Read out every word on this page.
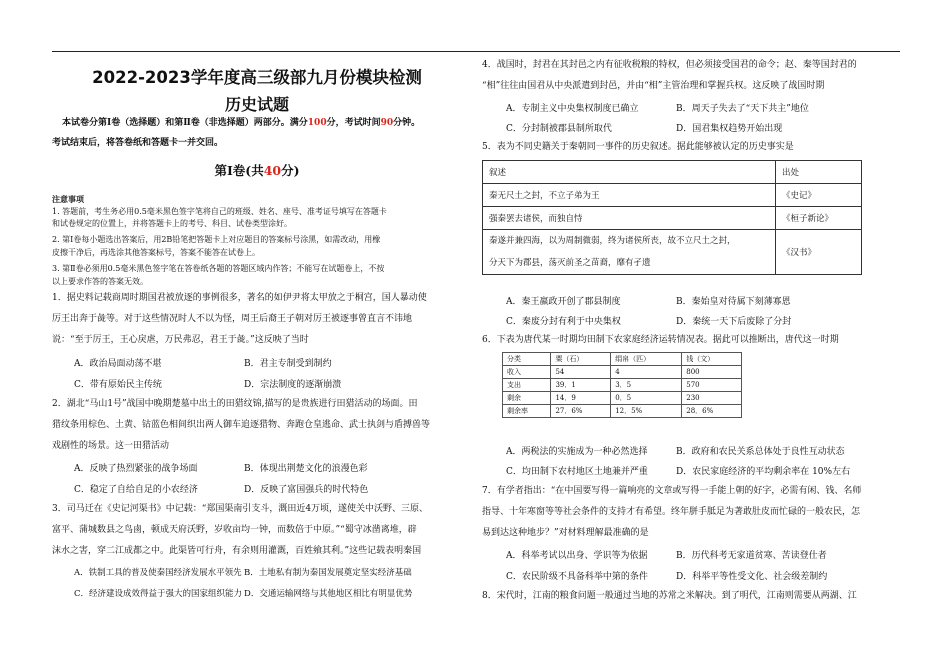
2022-2023学年度高三级部九月份模块检测
历史试题
本试卷分第Ⅰ卷（选择题）和第Ⅱ卷（非选择题）两部分。满分100分，考试时间90分钟。
考试结束后，将答卷纸和答题卡一并交回。
第Ⅰ卷(共40分)
注意事项
1. 答题前，考生务必用0.5毫米黑色签字笔将自己的班级、姓名、座号、准考证号填写在答题卡
和试卷规定的位置上，并将答题卡上的考号、科目、试卷类型涂好。
2. 第Ⅰ卷每小题选出答案后，用2B铅笔把答题卡上对应题目的答案标号涂黑，如需改动，用橡
皮擦干净后，再选涂其他答案标号，答案不能答在试卷上。
3. 第Ⅱ卷必须用0.5毫米黑色签字笔在答卷纸各题的答题区域内作答；不能写在试题卷上，不按
以上要求作答的答案无效。
1．据史料记载商周时期国君被放逐的事例很多，著名的如伊尹将太甲放之于桐宫，国人暴动使
厉王出奔于彘等。对于这些情况时人不以为怪，周王后裔王子朝对厉王被逐事曾直言不讳地
说：“至于厉王，王心戾虐，万民弗忍，君王于彘。”这反映了当时
A．政治局面动荡不堪	B．君主专制受到制约
C．带有原始民主传统	D．宗法制度的逐渐崩溃
2．湖北“马山1号”战国中晚期楚墓中出土的田猎纹锦,描写的是贵族进行田猎活动的场面。田
猎纹条用棕色、土黄、钴蓝色相间织出两人御车追逐猎物、奔跑仓皇逃命、武士执剑与盾搏兽等
戏剧性的场景。这一田猎活动
A．反映了热烈紧张的战争场面	B．体现出荆楚文化的浪漫色彩
C．稳定了自给自足的小农经济	D．反映了富国强兵的时代特色
3．司马迁在《史记河渠书》中记载：“郑国渠南引支斗，溉田近4万顷，遂使关中沃野、三原、
富平、蒲城数县之鸟鹵，顿成天府沃野，岁收亩均一钟，而数倍于中原。”“蜀守冰凿离堆，辟
沫水之害，穿二江成都之中。此渠皆可行舟，有余则用灌溉，百姓飨其利。”这些记载表明秦国
A．铁制工具的普及使秦国经济发展水平领先 B．土地私有制为秦国发展奠定坚实经济基础
C．经济建设成效得益于强大的国家组织能力 D．交通运输网络与其他地区相比有明显优势
4．战国时，封君在其封邑之内有征收税粮的特权，但必须接受国君的命令；赵、秦等国封君的
“相”往往由国君从中央派遣到封邑，并由“相”主管治理和掌握兵权。这反映了战国时期
A．专制主义中央集权制度已确立	B．周天子失去了“天下共主”地位
C．分封制被郡县制所取代	D．国君集权趋势开始出现
5．表为不同史籍关于秦朝同一事件的历史叙述。据此能够被认定的历史事实是
叙述	出处
秦无尺土之封，不立子弟为王	《史记》
强秦罢去诸侯，而独自恃	《桓子新论》
秦遂并兼四海，以为周制微弱，终为诸侯所丧，故不立尺土之封，
分天下为郡县，荡灭前圣之苗裔，靡有孑遗	《汉书》
A．秦王嬴政开创了郡县制度	B．秦始皇对待属下刻薄寡恩
C．秦废分封有利于中央集权	D．秦统一天下后废除了分封
6．下表为唐代某一时期均田制下农家庭经济运转情况表。据此可以推断出，唐代这一时期
分类	粟（石）	绢帛（匹）	钱（文）
收入	54	4	800
支出	39．1	3．5	570
剩余	14．9	0．5	230
剩余率	27．6%	12．5%	28．6%
A．两税法的实施成为一种必然选择	B．政府和农民关系总体处于良性互动状态
C．均田制下农村地区土地兼并严重	D．农民家庭经济的平均剩余率在 10%左右
7．有学者指出：“在中国要写得一篇响亮的文章或写得一手能上朝的好字，必需有闲、钱、名师
指导、十年寒窗等等社会条件的支持才有希望。终年胼手胝足为著敢肚皮而忙碌的一般农民，怎
易到达这种地步？”对材料理解最准确的是
A．科举考试以出身、学识等为依据	B．历代科考无家道贫寒、苦读登仕者
C．农民阶级不具备科举中第的条件	D．科举平等性受文化、社会级差制约
8．宋代时，江南的粮食问题一般通过当地的苏常之米解决。到了明代，江南则需要从两湖、江
